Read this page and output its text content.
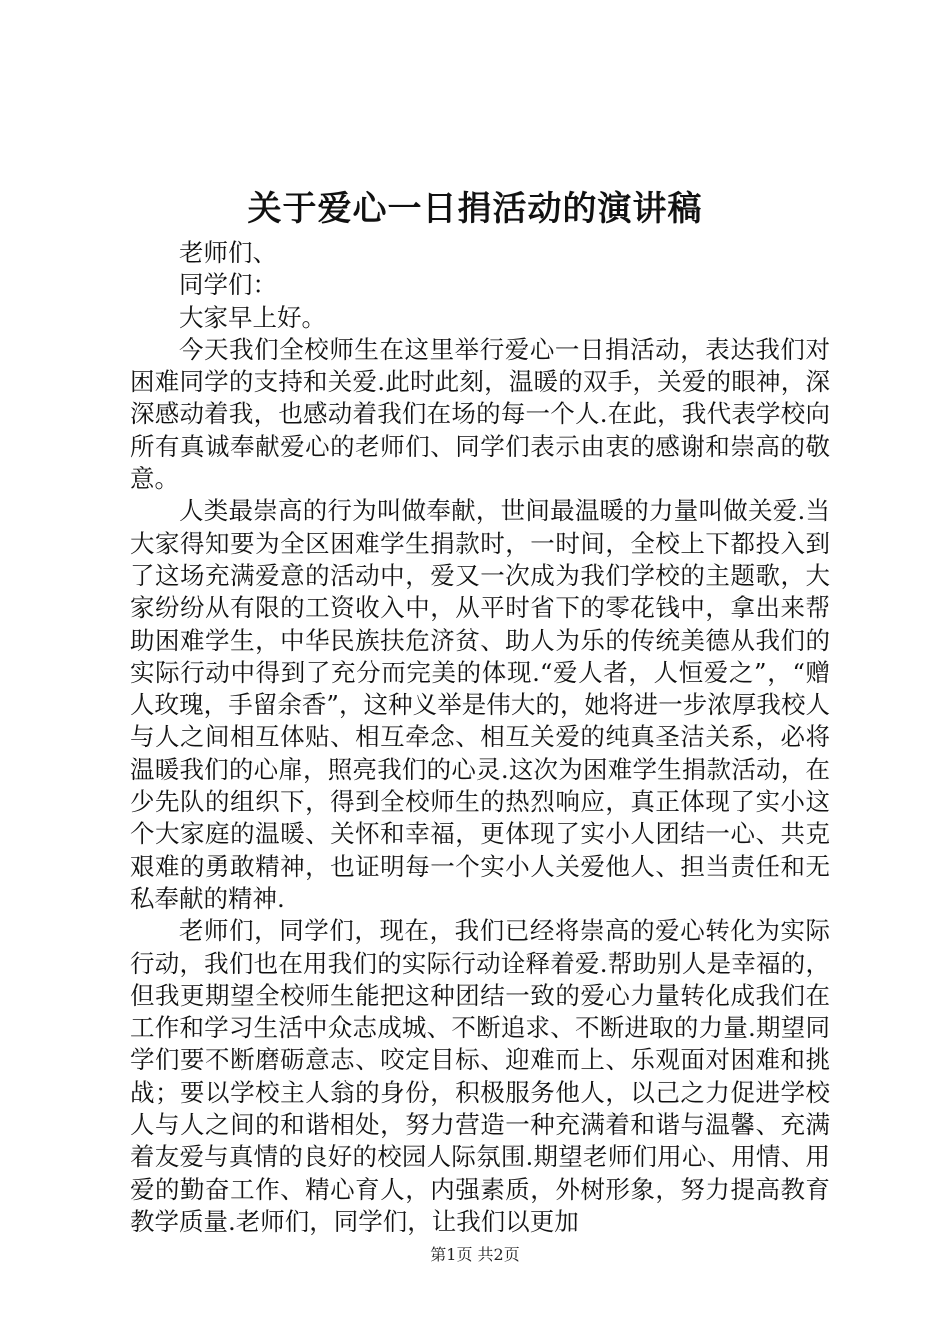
关于爱心一日捐活动的演讲稿

老师们、

同学们：

大家早上好。

今天我们全校师生在这里举行爱心一日捐活动，表达我们对困难同学的支持和关爱.此时此刻，温暖的双手，关爱的眼神，深深感动着我，也感动着我们在场的每一个人.在此，我代表学校向所有真诚奉献爱心的老师们、同学们表示由衷的感谢和崇高的敬意。

人类最崇高的行为叫做奉献，世间最温暖的力量叫做关爱.当大家得知要为全区困难学生捐款时，一时间，全校上下都投入到了这场充满爱意的活动中，爱又一次成为我们学校的主题歌，大家纷纷从有限的工资收入中，从平时省下的零花钱中，拿出来帮助困难学生，中华民族扶危济贫、助人为乐的传统美德从我们的实际行动中得到了充分而完美的体现.“爱人者，人恒爱之”，“赠人玫瑰，手留余香”，这种义举是伟大的，她将进一步浓厚我校人与人之间相互体贴、相互牵念、相互关爱的纯真圣洁关系，必将温暖我们的心扉，照亮我们的心灵.这次为困难学生捐款活动，在少先队的组织下，得到全校师生的热烈响应，真正体现了实小这个大家庭的温暖、关怀和幸福，更体现了实小人团结一心、共克艰难的勇敢精神，也证明每一个实小人关爱他人、担当责任和无私奉献的精神.

老师们，同学们，现在，我们已经将崇高的爱心转化为实际行动，我们也在用我们的实际行动诠释着爱.帮助别人是幸福的，但我更期望全校师生能把这种团结一致的爱心力量转化成我们在工作和学习生活中众志成城、不断追求、不断进取的力量.期望同学们要不断磨砺意志、咬定目标、迎难而上、乐观面对困难和挑战；要以学校主人翁的身份，积极服务他人，以己之力促进学校人与人之间的和谐相处，努力营造一种充满着和谐与温馨、充满着友爱与真情的良好的校园人际氛围.期望老师们用心、用情、用爱的勤奋工作、精心育人，内强素质，外树形象，努力提高教育教学质量.老师们，同学们，让我们以更加

第1页 共2页
